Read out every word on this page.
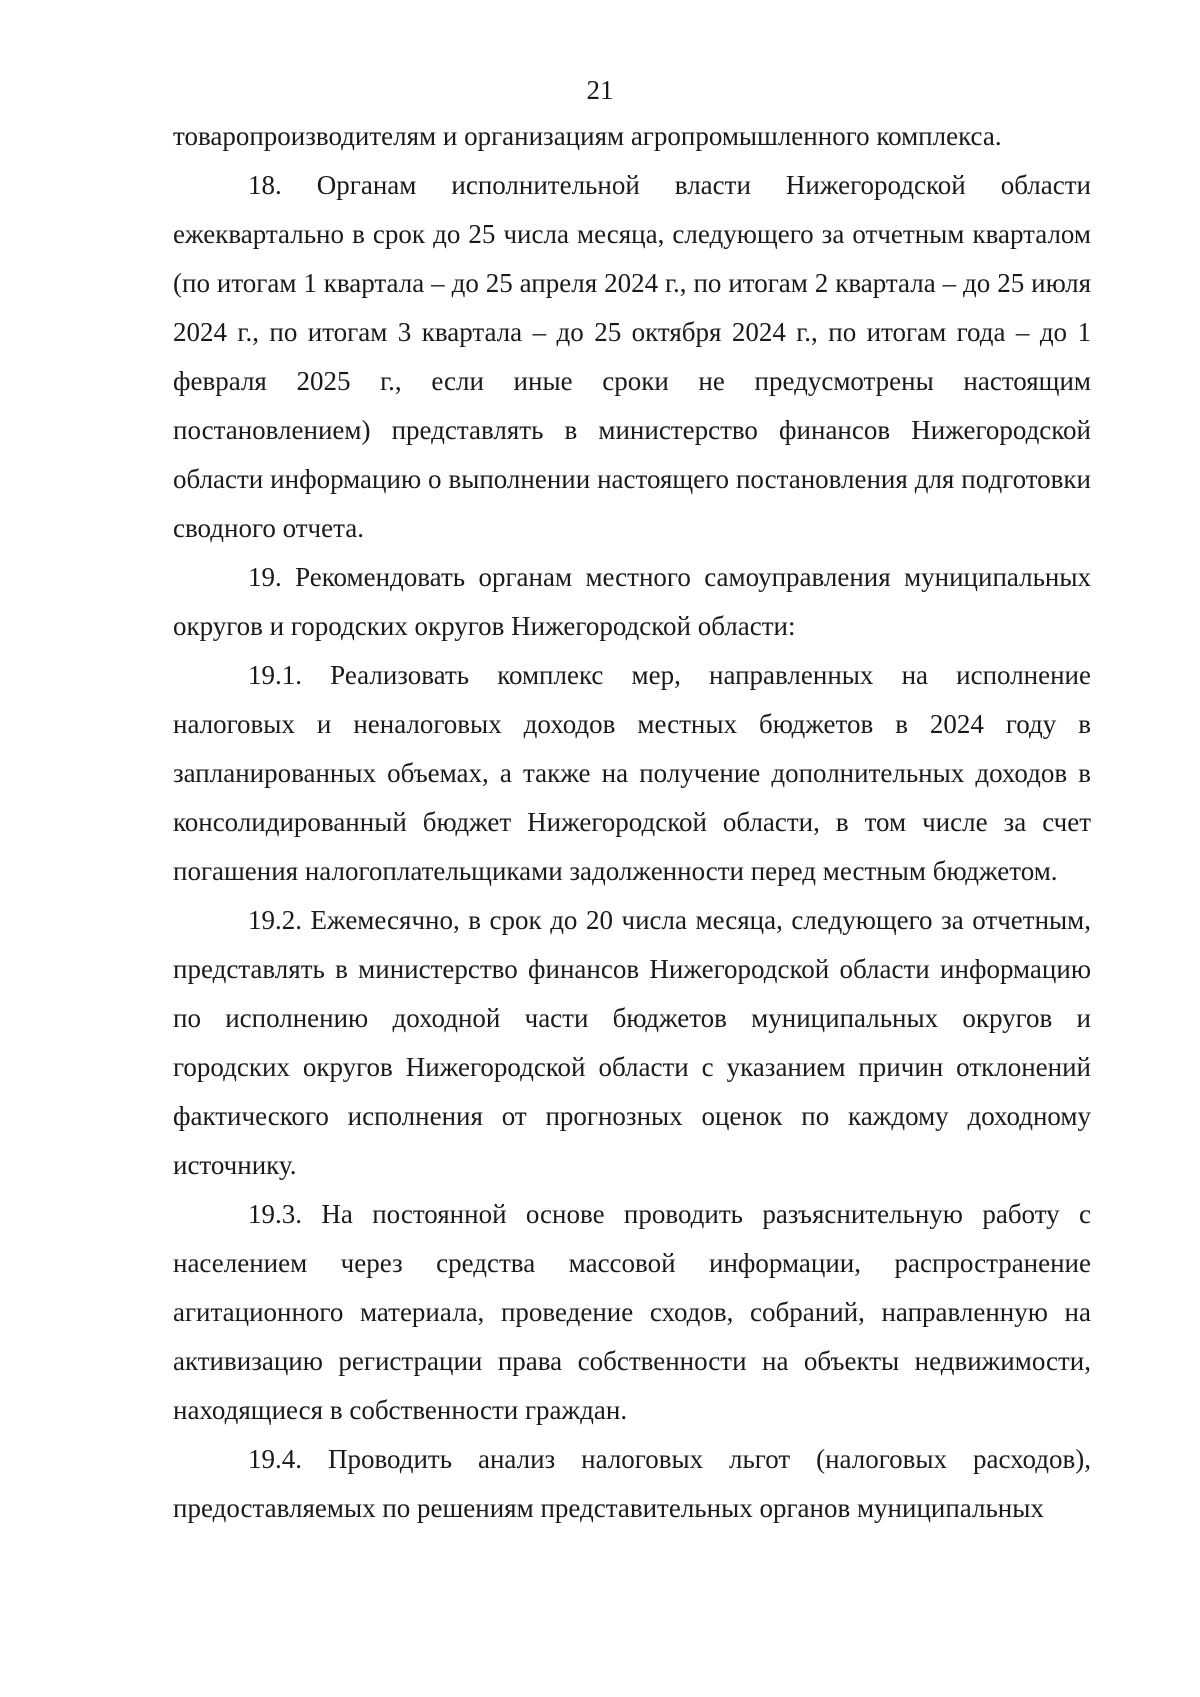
21

товаропроизводителям и организациям агропромышленного комплекса.

18. Органам исполнительной власти Нижегородской области ежеквартально в срок до 25 числа месяца, следующего за отчетным кварталом (по итогам 1 квартала – до 25 апреля 2024 г., по итогам 2 квартала – до 25 июля 2024 г., по итогам 3 квартала – до 25 октября 2024 г., по итогам года – до 1 февраля 2025 г., если иные сроки не предусмотрены настоящим постановлением) представлять в министерство финансов Нижегородской области информацию о выполнении настоящего постановления для подготовки сводного отчета.

19. Рекомендовать органам местного самоуправления муниципальных округов и городских округов Нижегородской области:

19.1. Реализовать комплекс мер, направленных на исполнение налоговых и неналоговых доходов местных бюджетов в 2024 году в запланированных объемах, а также на получение дополнительных доходов в консолидированный бюджет Нижегородской области, в том числе за счет погашения налогоплательщиками задолженности перед местным бюджетом.

19.2. Ежемесячно, в срок до 20 числа месяца, следующего за отчетным, представлять в министерство финансов Нижегородской области информацию по исполнению доходной части бюджетов муниципальных округов и городских округов Нижегородской области с указанием причин отклонений фактического исполнения от прогнозных оценок по каждому доходному источнику.

19.3. На постоянной основе проводить разъяснительную работу с населением через средства массовой информации, распространение агитационного материала, проведение сходов, собраний, направленную на активизацию регистрации права собственности на объекты недвижимости, находящиеся в собственности граждан.

19.4. Проводить анализ налоговых льгот (налоговых расходов), предоставляемых по решениям представительных органов муниципальных
